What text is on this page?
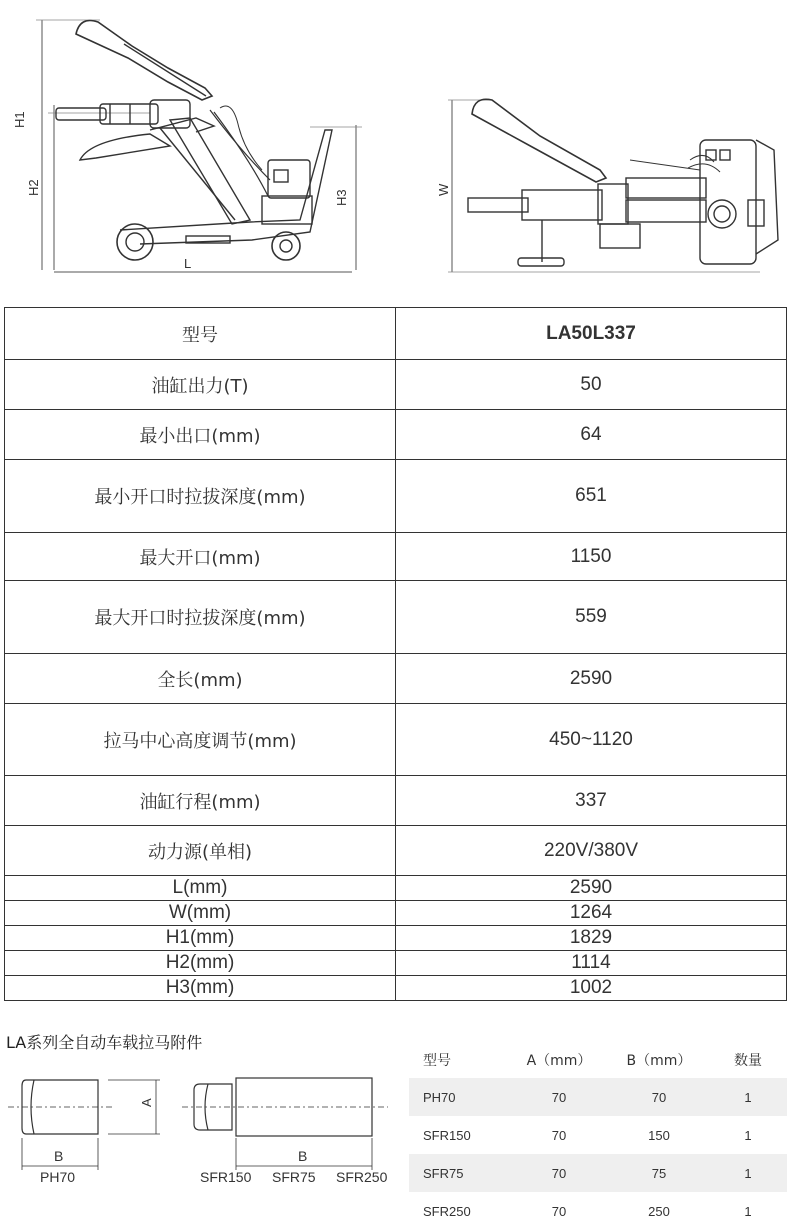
H1
H2
H3
L
W
型号	LA50L337
油缸出力(T)	50
最小出口(mm)	64
最小开口时拉拔深度(mm)	651
最大开口(mm)	1150
最大开口时拉拔深度(mm)	559
全长(mm)	2590
拉马中心高度调节(mm)	450~1120
油缸行程(mm)	337
动力源(单相)	220V/380V
L(mm)	2590
W(mm)	1264
H1(mm)	1829
H2(mm)	1114
H3(mm)	1002
LA系列全自动车载拉马附件
A
B	B
PH70	SFR150 SFR75 SFR250
型号	A（mm）	B（mm）	数量
PH70	70	70	1
SFR150	70	150	1
SFR75	70	75	1
SFR250	70	250	1
